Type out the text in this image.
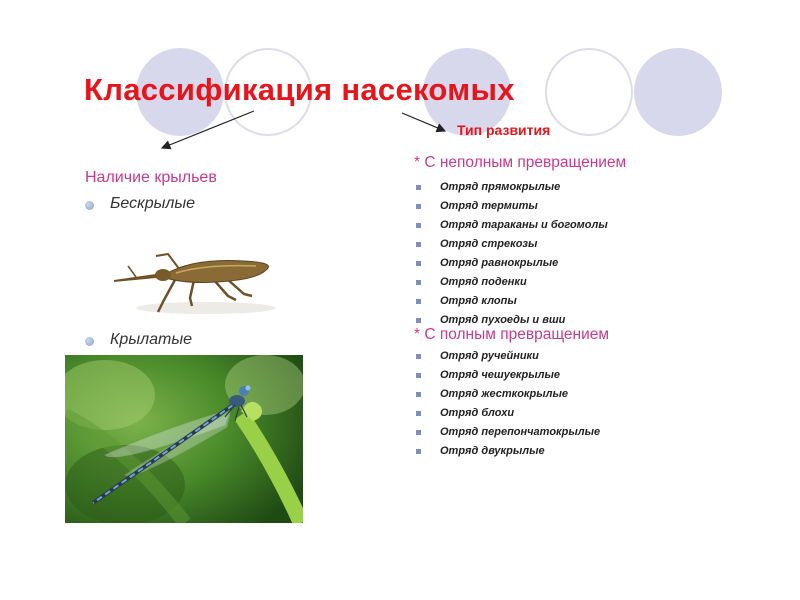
Классификация насекомых
Тип развития
Наличие крыльев
Бескрылые
Крылатые
* С неполным превращением
Отряд прямокрылые
Отряд термиты
Отряд тараканы и богомолы
Отряд стрекозы
Отряд равнокрылые
Отряд поденки
Отряд клопы
Отряд пухоеды и вши
* С полным превращением
Отряд ручейники
Отряд чешуекрылые
Отряд жесткокрылые
Отряд блохи
Отряд перепончатокрылые
Отряд двукрылые
